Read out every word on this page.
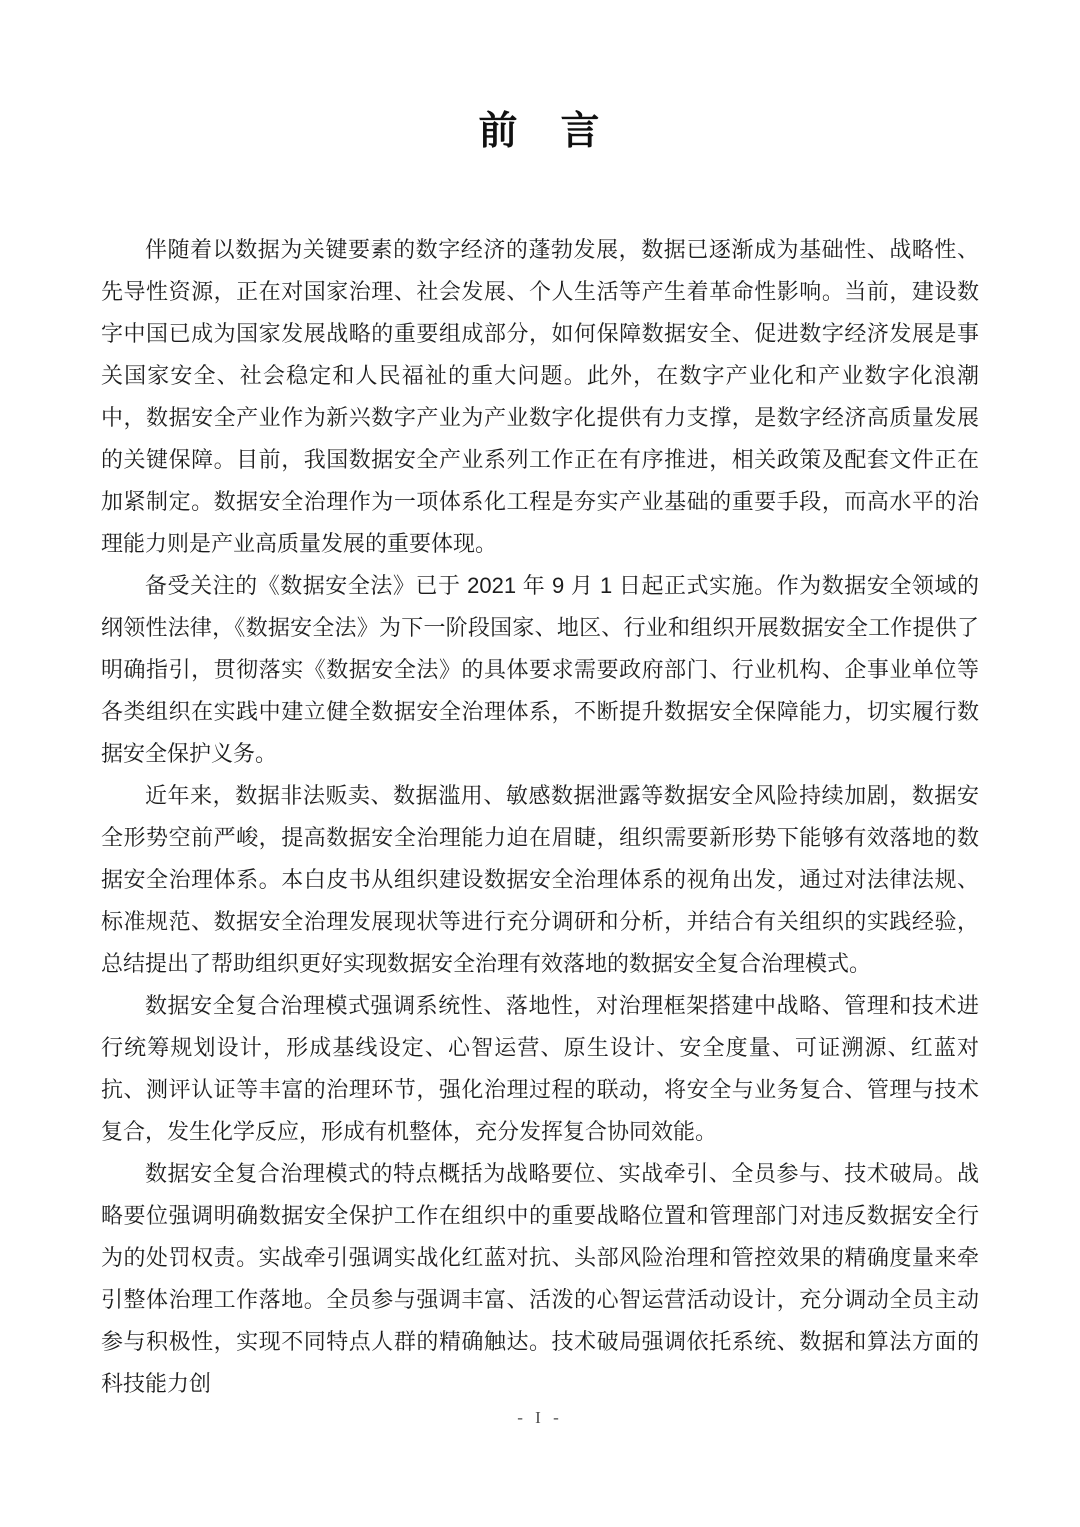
前　言

伴随着以数据为关键要素的数字经济的蓬勃发展，数据已逐渐成为基础性、战略性、先导性资源，正在对国家治理、社会发展、个人生活等产生着革命性影响。当前，建设数字中国已成为国家发展战略的重要组成部分，如何保障数据安全、促进数字经济发展是事关国家安全、社会稳定和人民福祉的重大问题。此外，在数字产业化和产业数字化浪潮中，数据安全产业作为新兴数字产业为产业数字化提供有力支撑，是数字经济高质量发展的关键保障。目前，我国数据安全产业系列工作正在有序推进，相关政策及配套文件正在加紧制定。数据安全治理作为一项体系化工程是夯实产业基础的重要手段，而高水平的治理能力则是产业高质量发展的重要体现。

备受关注的《数据安全法》已于 2021 年 9 月 1 日起正式实施。作为数据安全领域的纲领性法律，《数据安全法》为下一阶段国家、地区、行业和组织开展数据安全工作提供了明确指引，贯彻落实《数据安全法》的具体要求需要政府部门、行业机构、企事业单位等各类组织在实践中建立健全数据安全治理体系，不断提升数据安全保障能力，切实履行数据安全保护义务。

近年来，数据非法贩卖、数据滥用、敏感数据泄露等数据安全风险持续加剧，数据安全形势空前严峻，提高数据安全治理能力迫在眉睫，组织需要新形势下能够有效落地的数据安全治理体系。本白皮书从组织建设数据安全治理体系的视角出发，通过对法律法规、标准规范、数据安全治理发展现状等进行充分调研和分析，并结合有关组织的实践经验，总结提出了帮助组织更好实现数据安全治理有效落地的数据安全复合治理模式。

数据安全复合治理模式强调系统性、落地性，对治理框架搭建中战略、管理和技术进行统筹规划设计，形成基线设定、心智运营、原生设计、安全度量、可证溯源、红蓝对抗、测评认证等丰富的治理环节，强化治理过程的联动，将安全与业务复合、管理与技术复合，发生化学反应，形成有机整体，充分发挥复合协同效能。

数据安全复合治理模式的特点概括为战略要位、实战牵引、全员参与、技术破局。战略要位强调明确数据安全保护工作在组织中的重要战略位置和管理部门对违反数据安全行为的处罚权责。实战牵引强调实战化红蓝对抗、头部风险治理和管控效果的精确度量来牵引整体治理工作落地。全员参与强调丰富、活泼的心智运营活动设计，充分调动全员主动参与积极性，实现不同特点人群的精确触达。技术破局强调依托系统、数据和算法方面的科技能力创

- I -
